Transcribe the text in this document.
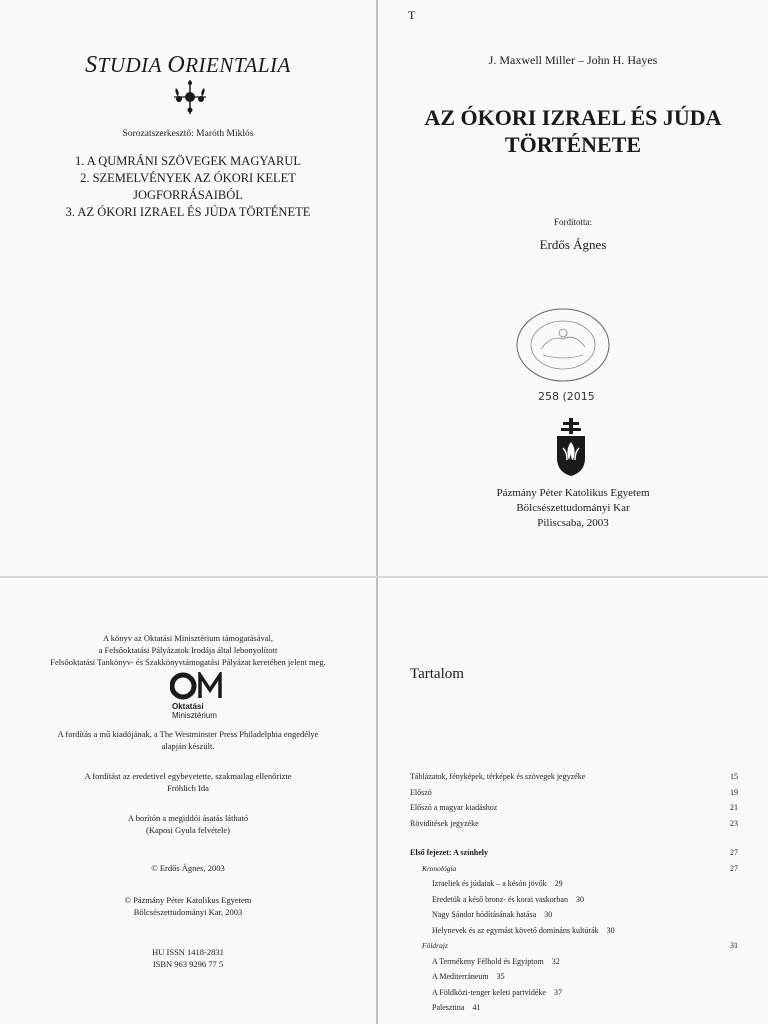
STUDIA ORIENTALIA
Sorozatszerkesztő: Maróth Miklós
1. A QUMRÁNI SZÖVEGEK MAGYARUL
2. SZEMELVÉNYEK AZ ÓKORI KELET
JOGFORRÁSAIBÓL
3. AZ ÓKORI IZRAEL ÉS JÚDA TÖRTÉNETE
T
J. Maxwell Miller – John H. Hayes
AZ ÓKORI IZRAEL ÉS JÚDA
TÖRTÉNETE
Fordította:
Erdős Ágnes
258 (2015
Pázmány Péter Katolikus Egyetem
Bölcsészettudományi Kar
Piliscsaba, 2003
A könyv az Oktatási Minisztérium támogatásával,
a Felsőoktatási Pályázatok Irodája által lebonyolított
Felsőoktatási Tankönyv- és Szakkönyvtámogatási Pályázat keretében jelent meg.
Oktatási
Minisztérium
A fordítás a mű kiadójának, a The Westminster Press Philadelphia engedélye
alapján készült.
A fordítást az eredetivel egybevetette, szakmailag ellenőrizte
Fröhlich Ida
A borítón a megiddói ásatás látható
(Kaposi Gyula felvétele)
© Erdős Ágnes, 2003
© Pázmány Péter Katolikus Egyetem
Bölcsészettudományi Kar, 2003
HU ISSN 1418-2831
ISBN 963 9296 77 5
Tartalom
Táblázatok, fényképek, térképek és szövegek jegyzéke	15
Előszó	19
Előszó a magyar kiadáshoz	21
Rövidítések jegyzéke	23
Első fejezet: A színhely	27
Kronológia	27
Izraeliek és júdaiak – a késón jövők 29
Eredetük a késő bronz- és korai vaskorban 30
Nagy Sándor hódításának hatása 30
Helynevek és az egymást követő domináns kultúrák 30
Földrajz	31
A Termékeny Félhold és Egyiptom 32
A Mediterráneum 35
A Földközi-tenger keleti partvidéke 37
Palesztina 41
